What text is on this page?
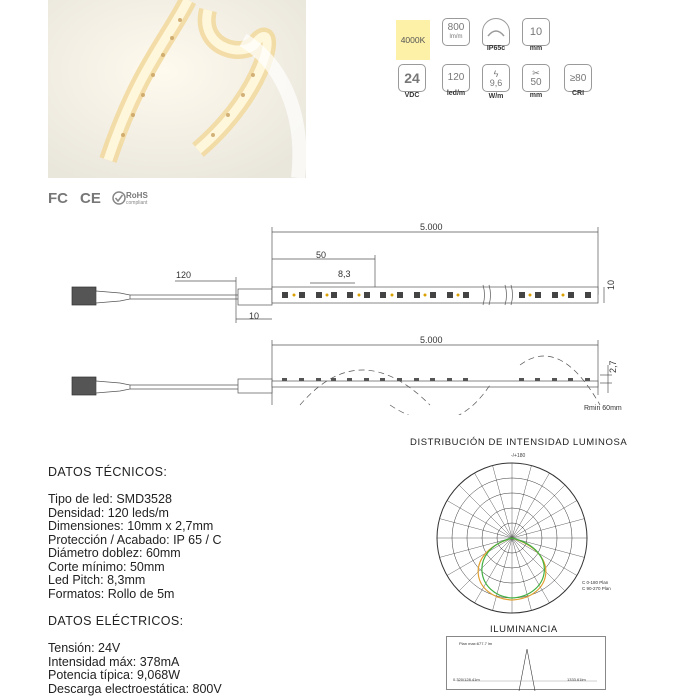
4000K
800
lm/m
IP65c
10
mm
24
VDC
120
led/m
ϟ
9,6
W/m
✂
50
mm
≥80
CRI
FC CE	RoHS
compliant
5.000
120
50
8,3
10
10
5.000
2,7
Rmin 60mm
DATOS TÉCNICOS:
Tipo de led: SMD3528
Densidad: 120 leds/m
Dimensiones: 10mm x 2,7mm
Protección / Acabado: IP 65 / C
Diámetro doblez: 60mm
Corte mínimo: 50mm
Led Pitch: 8,3mm
Formatos: Rollo de 5m
DATOS ELÉCTRICOS:
Tensión: 24V
Intensidad máx: 378mA
Potencia típica: 9,068W
Descarga electroestática: 800V
DISTRIBUCIÓN DE INTENSIDAD LUMINOSA
-/+180
C 0-180 Plan
C 90-270 Plan
ILUMINANCIA
Plan max:677.7 lm
0.320/128.41m	1333.61lm
